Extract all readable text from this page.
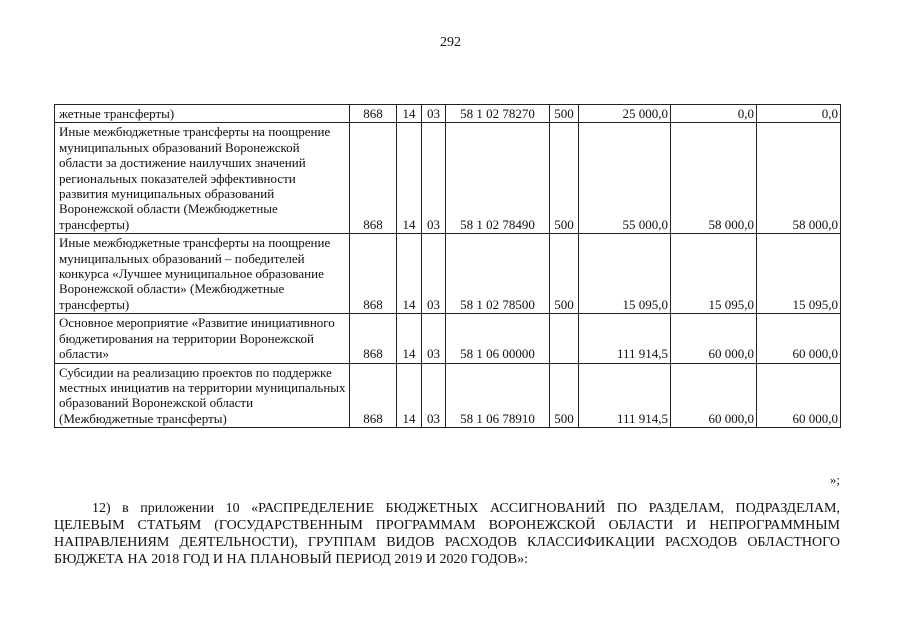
292
жетные трансферты)	868	14	03	58 1 02 78270	500	25 000,0	0,0	0,0
Иные межбюджетные трансферты на поощрение муниципальных образований Воронежской области за достижение наилучших значений региональных показателей эффективности развития муниципальных образований Воронежской области (Межбюджетные трансферты)	868	14	03	58 1 02 78490	500	55 000,0	58 000,0	58 000,0
Иные межбюджетные трансферты на поощрение муниципальных образований – победителей конкурса «Лучшее муниципальное образование Воронежской области» (Межбюджетные трансферты)	868	14	03	58 1 02 78500	500	15 095,0	15 095,0	15 095,0
Основное мероприятие «Развитие инициативного бюджетирования на территории Воронежской области»	868	14	03	58 1 06 00000		111 914,5	60 000,0	60 000,0
Субсидии на реализацию проектов по поддержке местных инициатив на территории муниципальных образований Воронежской области (Межбюджетные трансферты)	868	14	03	58 1 06 78910	500	111 914,5	60 000,0	60 000,0
»;

12) в приложении 10 «РАСПРЕДЕЛЕНИЕ БЮДЖЕТНЫХ АССИГНОВАНИЙ ПО РАЗДЕЛАМ, ПОДРАЗДЕЛАМ, ЦЕЛЕВЫМ СТАТЬЯМ (ГОСУДАРСТВЕННЫМ ПРОГРАММАМ ВОРОНЕЖСКОЙ ОБЛАСТИ И НЕПРОГРАММНЫМ НАПРАВЛЕНИЯМ ДЕЯТЕЛЬНОСТИ), ГРУППАМ ВИДОВ РАСХОДОВ КЛАССИФИКАЦИИ РАСХОДОВ ОБЛАСТНОГО БЮДЖЕТА НА 2018 ГОД И НА ПЛАНОВЫЙ ПЕРИОД 2019 И 2020 ГОДОВ»:
